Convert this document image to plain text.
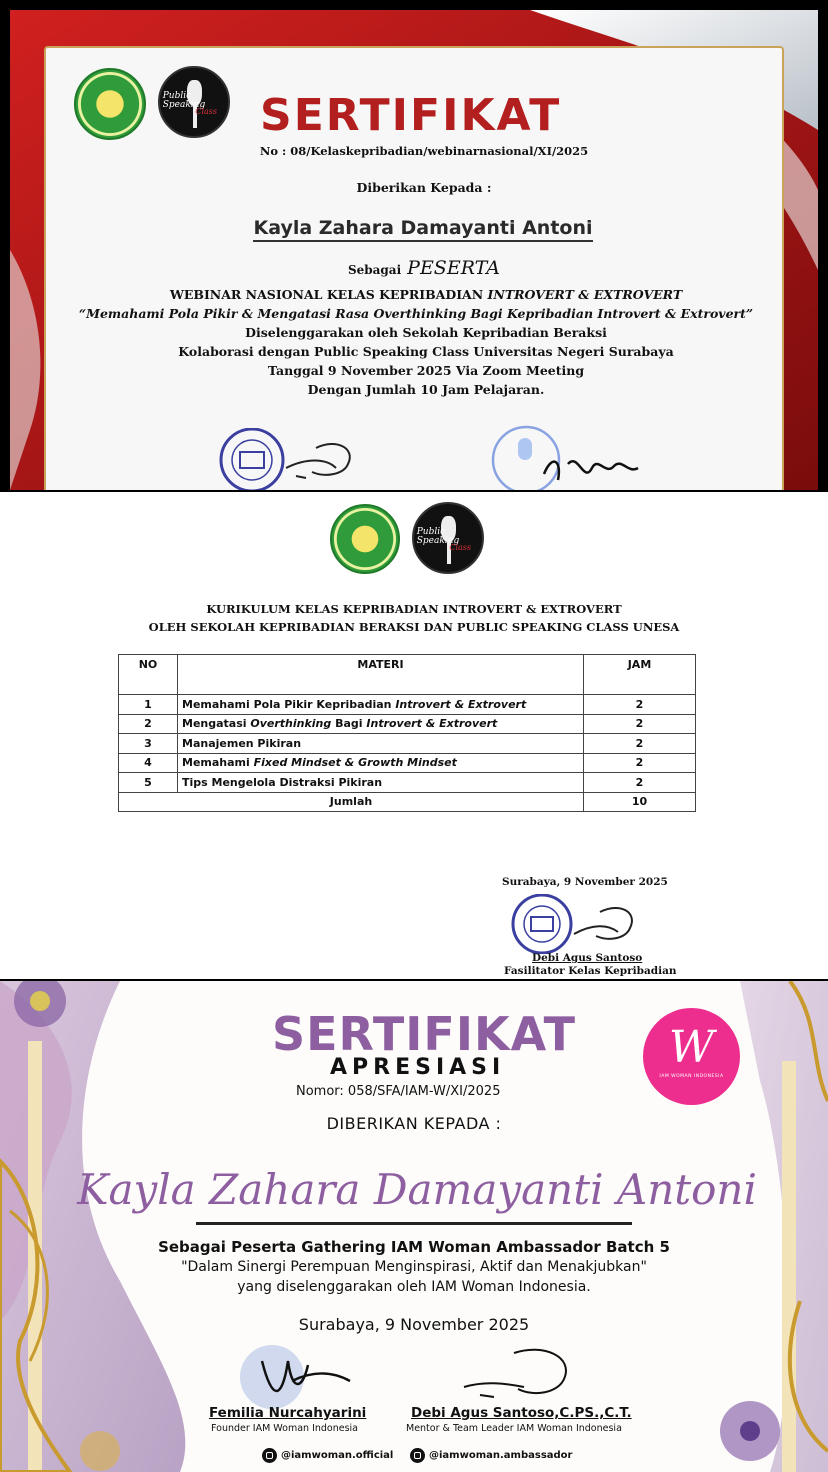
Public Speaking
Class SERTIFIKAT
No : 08/Kelaskepribadian/webinarnasional/XI/2025
Diberikan Kepada :
Kayla Zahara Damayanti Antoni
Sebagai PESERTA
WEBINAR NASIONAL KELAS KEPRIBADIAN INTROVERT & EXTROVERT
“Memahami Pola Pikir & Mengatasi Rasa Overthinking Bagi Kepribadian Introvert & Extrovert”
Diselenggarakan oleh Sekolah Kepribadian Beraksi
Kolaborasi dengan Public Speaking Class Universitas Negeri Surabaya
Tanggal 9 November 2025 Via Zoom Meeting
Dengan Jumlah 10 Jam Pelajaran.
Public Speaking
Class
KURIKULUM KELAS KEPRIBADIAN INTROVERT & EXTROVERT
OLEH SEKOLAH KEPRIBADIAN BERAKSI DAN PUBLIC SPEAKING CLASS UNESA
NO	MATERI	JAM
1	Memahami Pola Pikir Kepribadian Introvert & Extrovert	2
2	Mengatasi Overthinking Bagi Introvert & Extrovert	2
3	Manajemen Pikiran	2
4	Memahami Fixed Mindset & Growth Mindset	2
5	Tips Mengelola Distraksi Pikiran	2
Jumlah		10
Surabaya, 9 November 2025
Debi Agus Santoso
Fasilitator Kelas Kepribadian
W
IAM WOMAN INDONESIA
SERTIFIKAT
APRESIASI
Nomor: 058/SFA/IAM-W/XI/2025
DIBERIKAN KEPADA :
Kayla Zahara Damayanti Antoni
Sebagai Peserta Gathering IAM Woman Ambassador Batch 5
"Dalam Sinergi Perempuan Menginspirasi, Aktif dan Menakjubkan"
yang diselenggarakan oleh IAM Woman Indonesia.
Surabaya, 9 November 2025
Femilia Nurcahyarini
Founder IAM Woman Indonesia
Debi Agus Santoso,C.PS.,C.T.
Mentor & Team Leader IAM Woman Indonesia
@iamwoman.official	@iamwoman.ambassador
